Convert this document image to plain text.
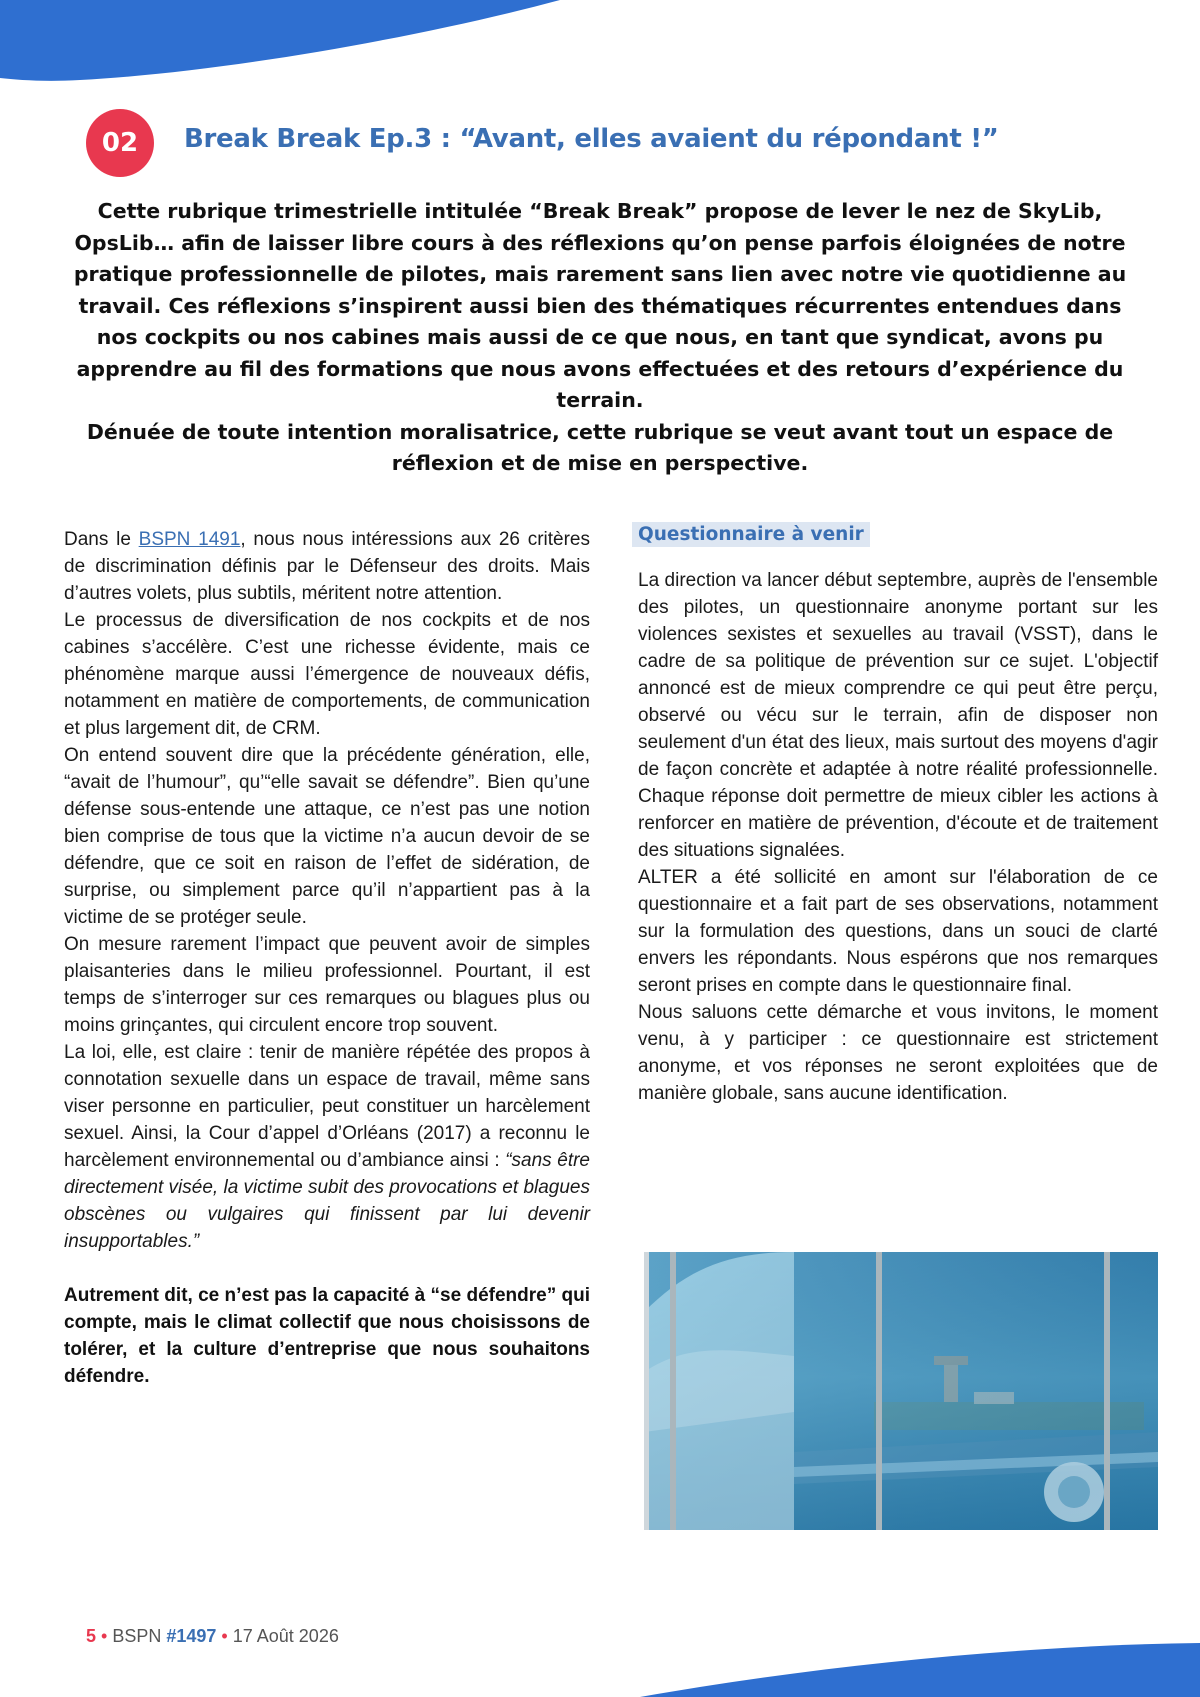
02 Break Break Ep.3 : “Avant, elles avaient du répondant !”

Cette rubrique trimestrielle intitulée “Break Break” propose de lever le nez de SkyLib, OpsLib… afin de laisser libre cours à des réflexions qu’on pense parfois éloignées de notre pratique professionnelle de pilotes, mais rarement sans lien avec notre vie quotidienne au travail. Ces réflexions s’inspirent aussi bien des thématiques récurrentes entendues dans nos cockpits ou nos cabines mais aussi de ce que nous, en tant que syndicat, avons pu apprendre au fil des formations que nous avons effectuées et des retours d’expérience du terrain.

Dénuée de toute intention moralisatrice, cette rubrique se veut avant tout un espace de réflexion et de mise en perspective.

Dans le BSPN 1491, nous nous intéressions aux 26 critères de discrimination définis par le Défenseur des droits. Mais d’autres volets, plus subtils, méritent notre attention.

Le processus de diversification de nos cockpits et de nos cabines s’accélère. C’est une richesse évidente, mais ce phénomène marque aussi l’émergence de nouveaux défis, notamment en matière de comportements, de communication et plus largement dit, de CRM.

On entend souvent dire que la précédente génération, elle, “avait de l’humour”, qu’“elle savait se défendre”. Bien qu’une défense sous-entende une attaque, ce n’est pas une notion bien comprise de tous que la victime n’a aucun devoir de se défendre, que ce soit en raison de l’effet de sidération, de surprise, ou simplement parce qu’il n’appartient pas à la victime de se protéger seule.

On mesure rarement l’impact que peuvent avoir de simples plaisanteries dans le milieu professionnel. Pourtant, il est temps de s’interroger sur ces remarques ou blagues plus ou moins grinçantes, qui circulent encore trop souvent.

La loi, elle, est claire : tenir de manière répétée des propos à connotation sexuelle dans un espace de travail, même sans viser personne en particulier, peut constituer un harcèlement sexuel. Ainsi, la Cour d’appel d’Orléans (2017) a reconnu le harcèlement environnemental ou d’ambiance ainsi : “sans être directement visée, la victime subit des provocations et blagues obscènes ou vulgaires qui finissent par lui devenir insupportables.”

Autrement dit, ce n’est pas la capacité à “se défendre” qui compte, mais le climat collectif que nous choisissons de tolérer, et la culture d’entreprise que nous souhaitons défendre.

Questionnaire à venir

La direction va lancer début septembre, auprès de l'ensemble des pilotes, un questionnaire anonyme portant sur les violences sexistes et sexuelles au travail (VSST), dans le cadre de sa politique de prévention sur ce sujet. L'objectif annoncé est de mieux comprendre ce qui peut être perçu, observé ou vécu sur le terrain, afin de disposer non seulement d'un état des lieux, mais surtout des moyens d'agir de façon concrète et adaptée à notre réalité professionnelle. Chaque réponse doit permettre de mieux cibler les actions à renforcer en matière de prévention, d'écoute et de traitement des situations signalées.

ALTER a été sollicité en amont sur l'élaboration de ce questionnaire et a fait part de ses observations, notamment sur la formulation des questions, dans un souci de clarté envers les répondants. Nous espérons que nos remarques seront prises en compte dans le questionnaire final.

Nous saluons cette démarche et vous invitons, le moment venu, à y participer : ce questionnaire est strictement anonyme, et vos réponses ne seront exploitées que de manière globale, sans aucune identification.

5 • BSPN #1497 • 17 Août 2026
